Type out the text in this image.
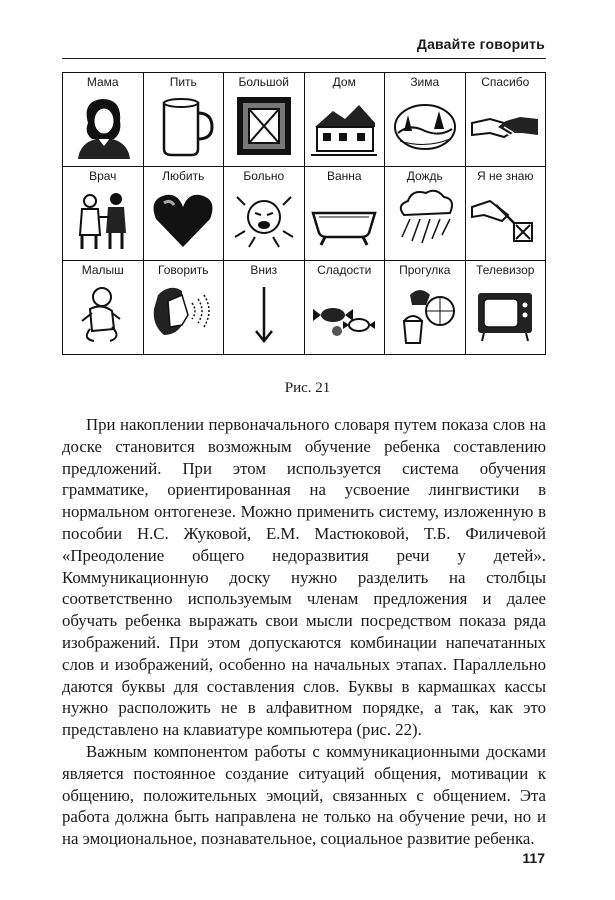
Давайте говорить
Мама	Пить	Большой	Дом	Зима	Спасибо

Врач	Любить	Больно	Ванна	Дождь	Я не знаю

Малыш	Говорить	Вниз	Сладости	Прогулка	Телевизор
Рис. 21

При накоплении первоначального словаря путем показа слов на доске становится возможным обучение ребенка составлению предложений. При этом используется система обучения грамматике, ориентированная на усвоение лингвистики в нормальном онтогенезе. Можно применить систему, изложенную в пособии Н.С. Жуковой, Е.М. Мастюковой, Т.Б. Филичевой «Преодоление общего недоразвития речи у детей». Коммуникационную доску нужно разделить на столбцы соответственно используемым членам предложения и далее обучать ребенка выражать свои мысли посредством показа ряда изображений. При этом допускаются комбинации напечатанных слов и изображений, особенно на начальных этапах. Параллельно даются буквы для составления слов. Буквы в кармашках кассы нужно расположить не в алфавитном порядке, а так, как это представлено на клавиатуре компьютера (рис. 22).

Важным компонентом работы с коммуникационными досками является постоянное создание ситуаций общения, мотивации к общению, положительных эмоций, связанных с общением. Эта работа должна быть направлена не только на обучение речи, но и на эмоциональное, познавательное, социальное развитие ребенка.

117
